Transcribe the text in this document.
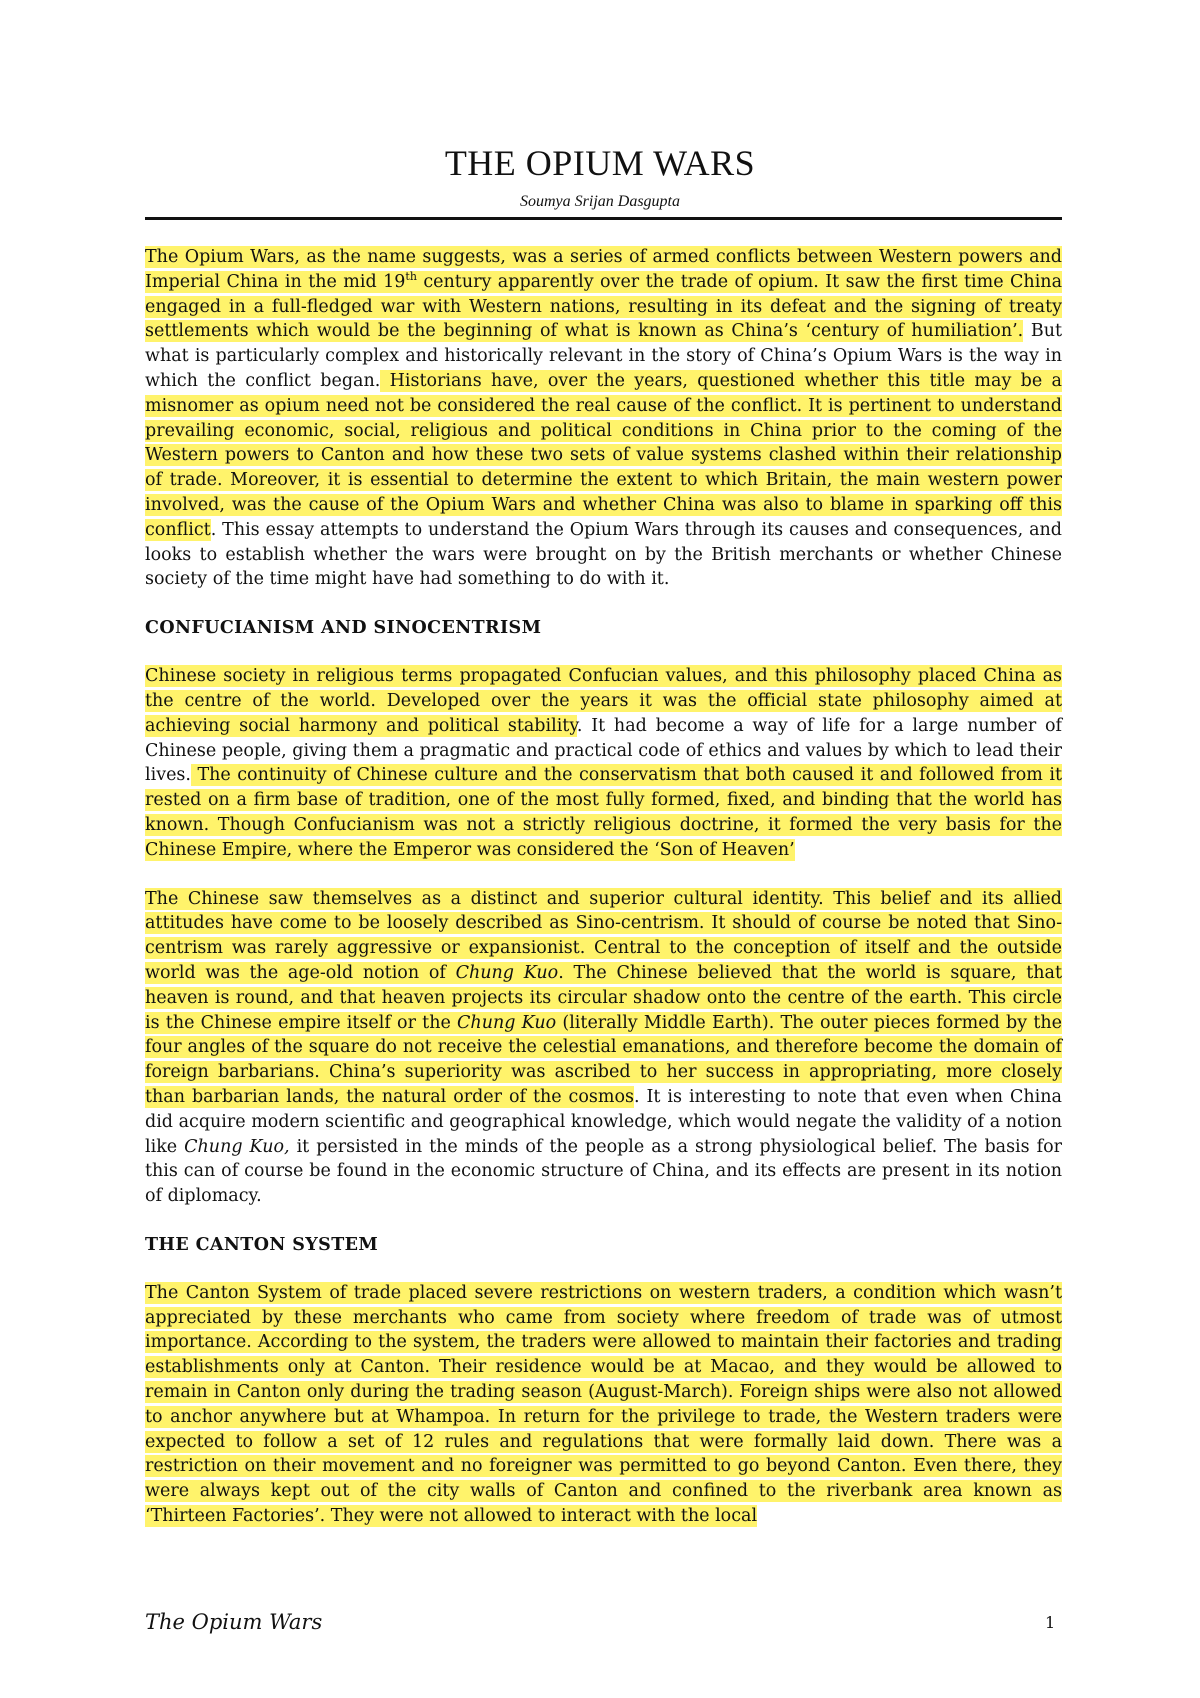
THE OPIUM WARS
Soumya Srijan Dasgupta

The Opium Wars, as the name suggests, was a series of armed conflicts between Western powers and Imperial China in the mid 19th century apparently over the trade of opium. It saw the first time China engaged in a full-fledged war with Western nations, resulting in its defeat and the signing of treaty settlements which would be the beginning of what is known as China’s ‘century of humiliation’. But what is particularly complex and historically relevant in the story of China’s Opium Wars is the way in which the conflict began. Historians have, over the years, questioned whether this title may be a misnomer as opium need not be considered the real cause of the conflict. It is pertinent to understand prevailing economic, social, religious and political conditions in China prior to the coming of the Western powers to Canton and how these two sets of value systems clashed within their relationship of trade. Moreover, it is essential to determine the extent to which Britain, the main western power involved, was the cause of the Opium Wars and whether China was also to blame in sparking off this conflict. This essay attempts to understand the Opium Wars through its causes and consequences, and looks to establish whether the wars were brought on by the British merchants or whether Chinese society of the time might have had something to do with it.

CONFUCIANISM AND SINOCENTRISM

Chinese society in religious terms propagated Confucian values, and this philosophy placed China as the centre of the world. Developed over the years it was the official state philosophy aimed at achieving social harmony and political stability. It had become a way of life for a large number of Chinese people, giving them a pragmatic and practical code of ethics and values by which to lead their lives. The continuity of Chinese culture and the conservatism that both caused it and followed from it rested on a firm base of tradition, one of the most fully formed, fixed, and binding that the world has known. Though Confucianism was not a strictly religious doctrine, it formed the very basis for the Chinese Empire, where the Emperor was considered the ‘Son of Heaven’

The Chinese saw themselves as a distinct and superior cultural identity. This belief and its allied attitudes have come to be loosely described as Sino-centrism. It should of course be noted that Sino-centrism was rarely aggressive or expansionist. Central to the conception of itself and the outside world was the age-old notion of Chung Kuo. The Chinese believed that the world is square, that heaven is round, and that heaven projects its circular shadow onto the centre of the earth. This circle is the Chinese empire itself or the Chung Kuo (literally Middle Earth). The outer pieces formed by the four angles of the square do not receive the celestial emanations, and therefore become the domain of foreign barbarians. China’s superiority was ascribed to her success in appropriating, more closely than barbarian lands, the natural order of the cosmos. It is interesting to note that even when China did acquire modern scientific and geographical knowledge, which would negate the validity of a notion like Chung Kuo, it persisted in the minds of the people as a strong physiological belief. The basis for this can of course be found in the economic structure of China, and its effects are present in its notion of diplomacy.

THE CANTON SYSTEM

The Canton System of trade placed severe restrictions on western traders, a condition which wasn’t appreciated by these merchants who came from society where freedom of trade was of utmost importance. According to the system, the traders were allowed to maintain their factories and trading establishments only at Canton. Their residence would be at Macao, and they would be allowed to remain in Canton only during the trading season (August-March). Foreign ships were also not allowed to anchor anywhere but at Whampoa. In return for the privilege to trade, the Western traders were expected to follow a set of 12 rules and regulations that were formally laid down. There was a restriction on their movement and no foreigner was permitted to go beyond Canton. Even there, they were always kept out of the city walls of Canton and confined to the riverbank area known as ‘Thirteen Factories’. They were not allowed to interact with the local

The Opium Wars	1
